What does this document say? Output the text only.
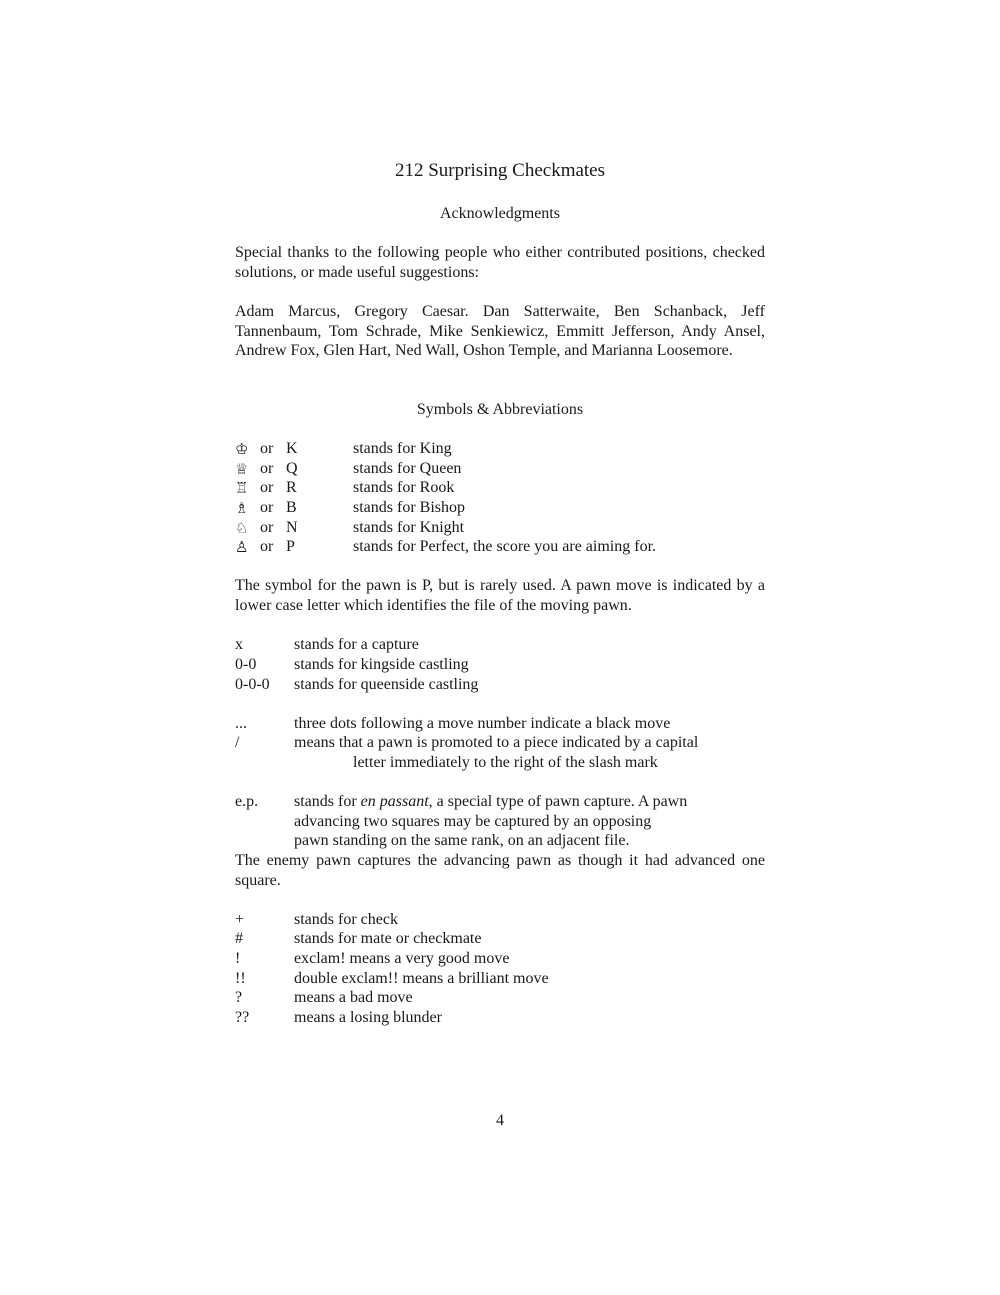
212 Surprising Checkmates
Acknowledgments
Special thanks to the following people who either contributed positions, checked solutions, or made useful suggestions:
Adam Marcus, Gregory Caesar. Dan Satterwaite, Ben Schanback, Jeff Tannenbaum, Tom Schrade, Mike Senkiewicz, Emmitt Jefferson, Andy Ansel, Andrew Fox, Glen Hart, Ned Wall, Oshon Temple, and Marianna Loosemore.
Symbols & Abbreviations
♔ or K	stands for King
♕ or Q	stands for Queen
♖ or R	stands for Rook
♗ or B	stands for Bishop
♘ or N	stands for Knight
♙ or P	stands for Perfect, the score you are aiming for.
The symbol for the pawn is P, but is rarely used. A pawn move is indicated by a lower case letter which identifies the file of the moving pawn.
x	stands for a capture
0-0 stands for kingside castling
0-0-0 stands for queenside castling
...	three dots following a move number indicate a black move
/	means that a pawn is promoted to a piece indicated by a capital
letter immediately to the right of the slash mark
e.p. stands for en passant, a special type of pawn capture. A pawn
advancing two squares may be captured by an opposing
pawn standing on the same rank, on an adjacent file.
The enemy pawn captures the advancing pawn as though it had advanced one square.
+	stands for check
#	stands for mate or checkmate
!	exclam! means a very good move
!!	double exclam!! means a brilliant move
?	means a bad move
??	means a losing blunder
4
